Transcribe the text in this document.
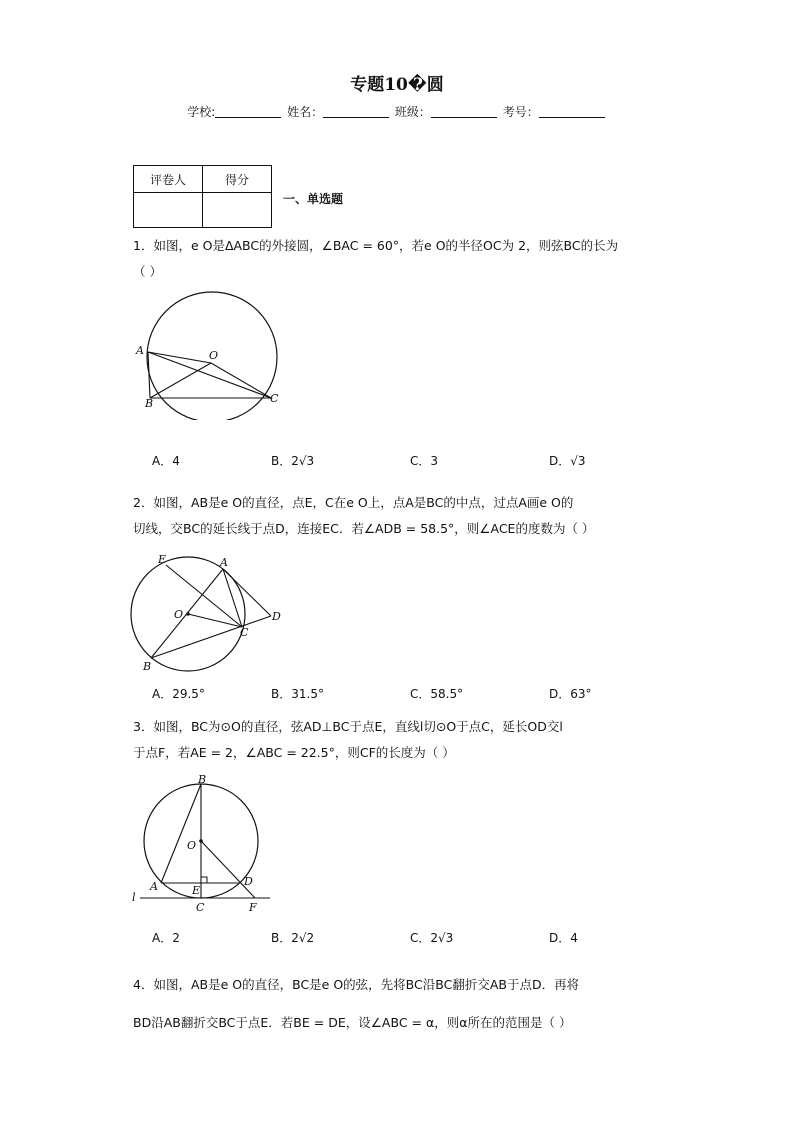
专题10�圆
学校:	姓名：	班级：	考号：
评卷人	得分

一、单选题
1．如图，e O是ΔABC的外接圆，∠BAC = 60°，若e O的半径OC为 2，则弦BC的长为
（ ）
A
B	C
O
A．4	B．2√3	C．3	D．√3
2．如图，AB是e O的直径，点E，C在e O上，点A是BC的中点，过点A画e O的
切线，交BC的延长线于点D，连接EC．若∠ADB = 58.5°，则∠ACE的度数为（ ）
E	A
O	D
C
B
A．29.5°	B．31.5°	C．58.5°	D．63°
3．如图，BC为⊙O的直径，弦AD⊥BC于点E，直线l切⊙O于点C，延长OD交l
于点F，若AE = 2，∠ABC = 22.5°，则CF的长度为（ ）
B
O
A	E
D
C	F
l
A．2	B．2√2	C．2√3	D．4
4．如图，AB是e O的直径，BC是e O的弦，先将BC沿BC翻折交AB于点D．再将
BD沿AB翻折交BC于点E．若BE = DE，设∠ABC = α，则α所在的范围是（ ）
